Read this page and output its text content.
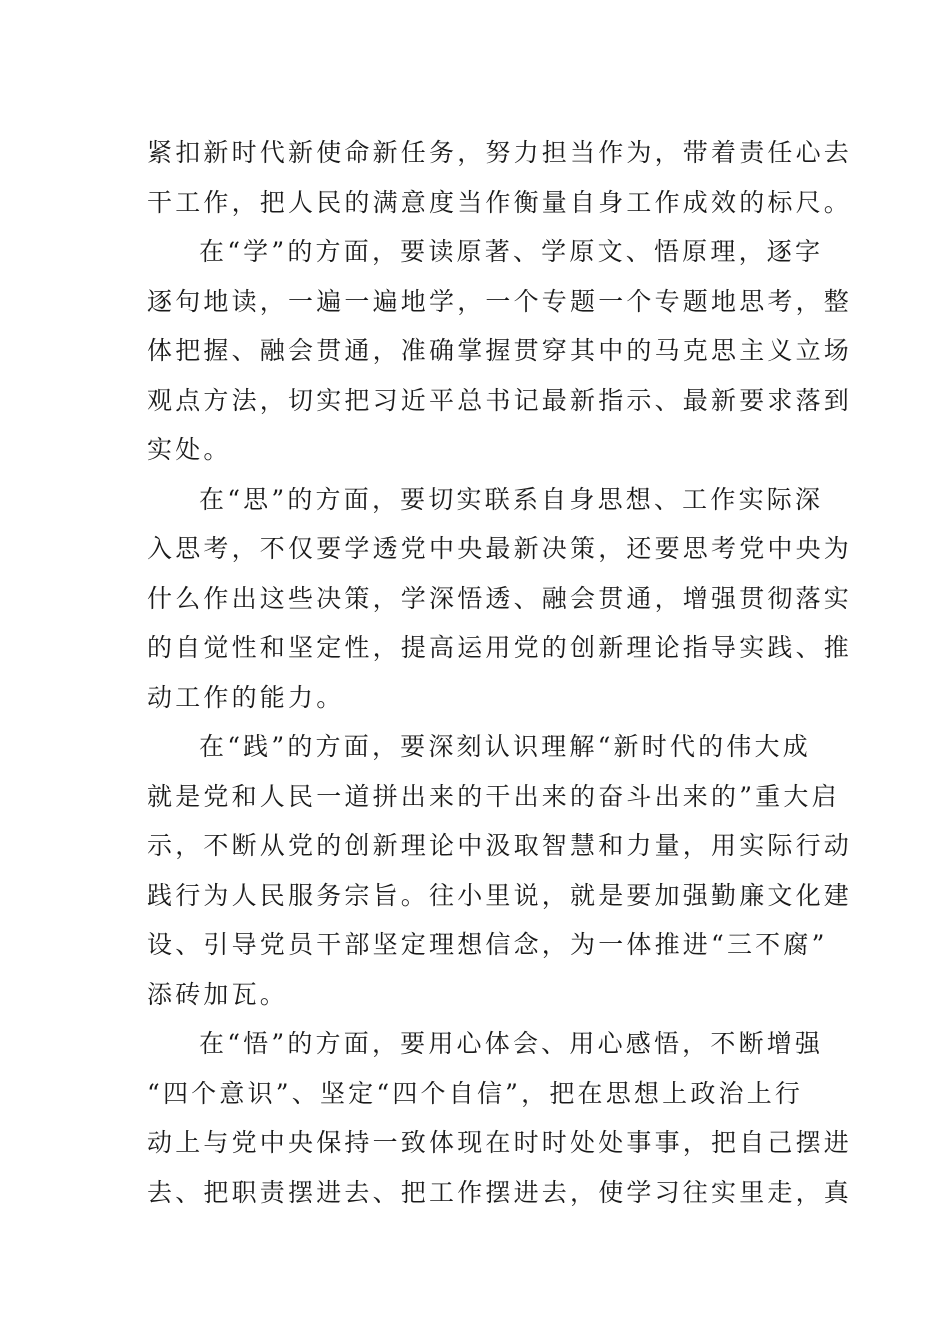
紧扣新时代新使命新任务，努力担当作为，带着责任心去
干工作，把人民的满意度当作衡量自身工作成效的标尺。
在“学”的方面，要读原著、学原文、悟原理，逐字
逐句地读，一遍一遍地学，一个专题一个专题地思考，整
体把握、融会贯通，准确掌握贯穿其中的马克思主义立场
观点方法，切实把习近平总书记最新指示、最新要求落到
实处。
在“思”的方面，要切实联系自身思想、工作实际深
入思考，不仅要学透党中央最新决策，还要思考党中央为
什么作出这些决策，学深悟透、融会贯通，增强贯彻落实
的自觉性和坚定性，提高运用党的创新理论指导实践、推
动工作的能力。
在“践”的方面，要深刻认识理解“新时代的伟大成
就是党和人民一道拼出来的干出来的奋斗出来的”重大启
示，不断从党的创新理论中汲取智慧和力量，用实际行动
践行为人民服务宗旨。往小里说，就是要加强勤廉文化建
设、引导党员干部坚定理想信念，为一体推进“三不腐”
添砖加瓦。
在“悟”的方面，要用心体会、用心感悟，不断增强
“四个意识”、坚定“四个自信”，把在思想上政治上行
动上与党中央保持一致体现在时时处处事事，把自己摆进
去、把职责摆进去、把工作摆进去，使学习往实里走，真
